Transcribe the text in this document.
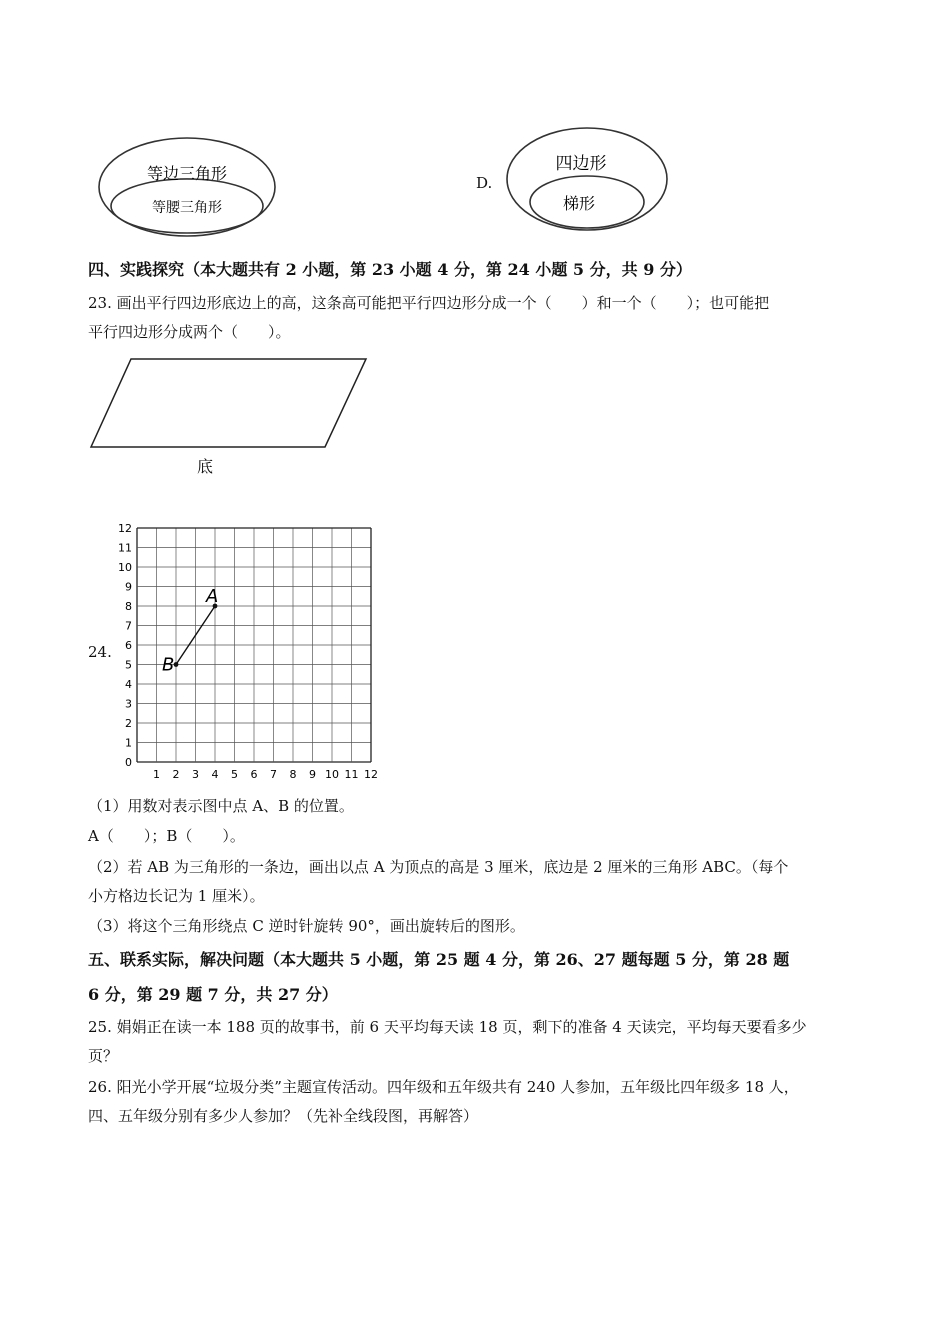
等边三角形
等腰三角形
D.
四边形
梯形
四、实践探究（本大题共有 2 小题，第 23 小题 4 分，第 24 小题 5 分，共 9 分）
23. 画出平行四边形底边上的高，这条高可能把平行四边形分成一个（　　）和一个（　　）；也可能把
平行四边形分成两个（　　）。
底
24.
1 2 3 4 5 6 7 8 9 10 11 12
0
1
2
3
4
5
6
7
8
9
10
11
12
A
B
（1）用数对表示图中点 A、B 的位置。
A（　　）；B（　　）。
（2）若 AB 为三角形的一条边，画出以点 A 为顶点的高是 3 厘米，底边是 2 厘米的三角形 ABC。（每个
小方格边长记为 1 厘米）。
（3）将这个三角形绕点 C 逆时针旋转 90°，画出旋转后的图形。
五、联系实际，解决问题（本大题共 5 小题，第 25 题 4 分，第 26、27 题每题 5 分，第 28 题
6 分，第 29 题 7 分，共 27 分）
25. 娟娟正在读一本 188 页的故事书，前 6 天平均每天读 18 页，剩下的准备 4 天读完，平均每天要看多少
页？
26. 阳光小学开展“垃圾分类”主题宣传活动。四年级和五年级共有 240 人参加，五年级比四年级多 18 人，
四、五年级分别有多少人参加？（先补全线段图，再解答）
